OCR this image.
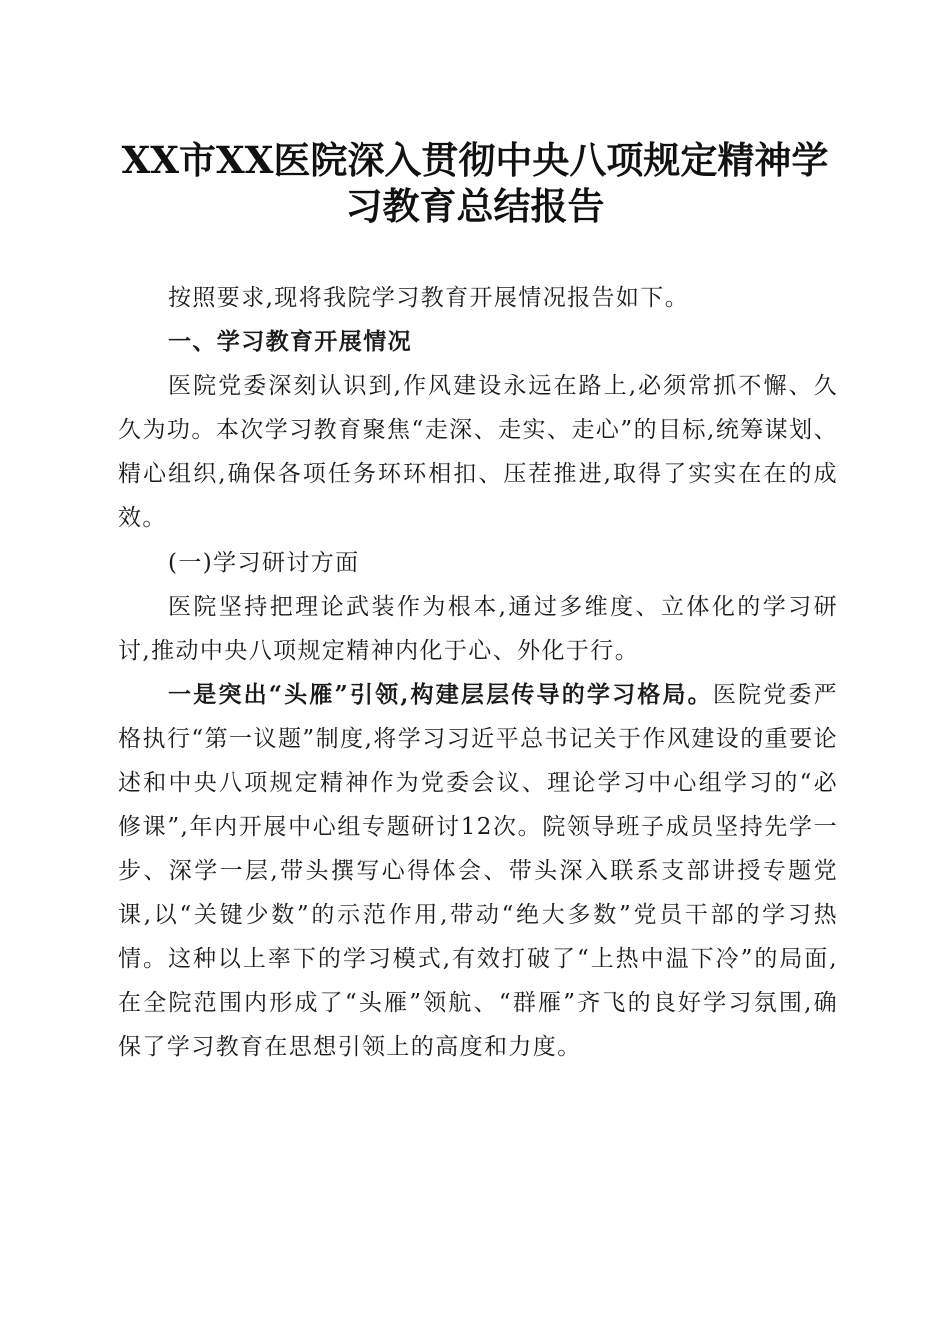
XX市XX医院深入贯彻中央八项规定精神学
习教育总结报告

按照要求,现将我院学习教育开展情况报告如下。

一、学习教育开展情况

医院党委深刻认识到,作风建设永远在路上,必须常抓不懈、久久为功。本次学习教育聚焦“走深、走实、走心”的目标,统筹谋划、精心组织,确保各项任务环环相扣、压茬推进,取得了实实在在的成效。

(一)学习研讨方面

医院坚持把理论武装作为根本,通过多维度、立体化的学习研讨,推动中央八项规定精神内化于心、外化于行。

一是突出“头雁”引领,构建层层传导的学习格局。医院党委严格执行“第一议题”制度,将学习习近平总书记关于作风建设的重要论述和中央八项规定精神作为党委会议、理论学习中心组学习的“必修课”,年内开展中心组专题研讨12次。院领导班子成员坚持先学一步、深学一层,带头撰写心得体会、带头深入联系支部讲授专题党课,以“关键少数”的示范作用,带动“绝大多数”党员干部的学习热情。这种以上率下的学习模式,有效打破了“上热中温下冷”的局面,在全院范围内形成了“头雁”领航、“群雁”齐飞的良好学习氛围,确保了学习教育在思想引领上的高度和力度。
